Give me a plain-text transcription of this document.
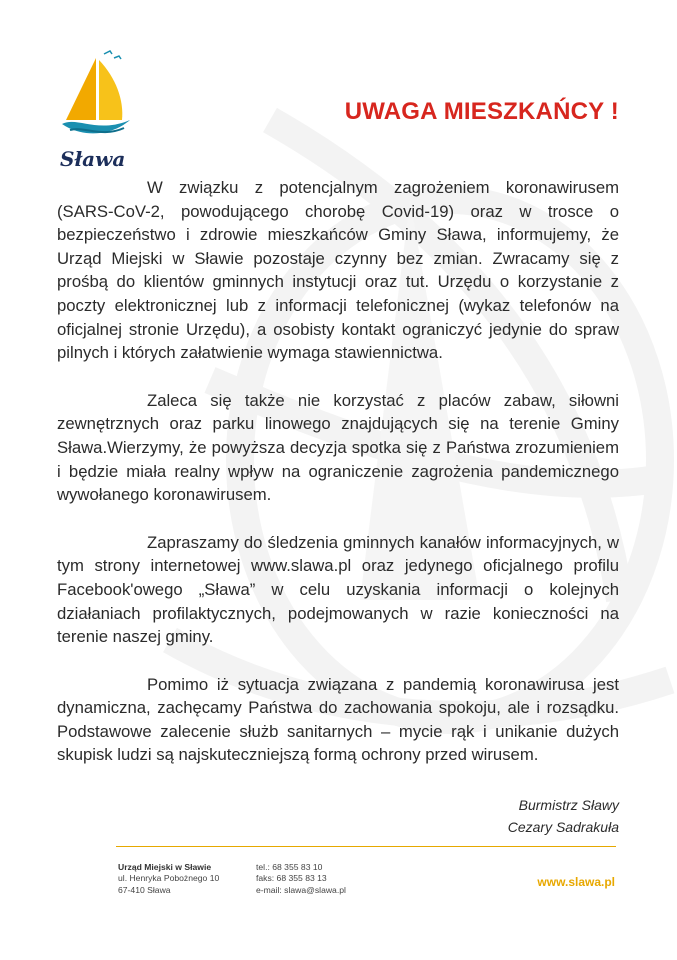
Sława
UWAGA MIESZKAŃCY !

W związku z potencjalnym zagrożeniem koronawirusem (SARS-CoV-2, powodującego chorobę Covid-19) oraz w trosce o bezpieczeństwo i zdrowie mieszkańców Gminy Sława, informujemy, że Urząd Miejski w Sławie pozostaje czynny bez zmian. Zwracamy się z prośbą do klientów gminnych instytucji oraz tut. Urzędu o korzystanie z poczty elektronicznej lub z informacji telefonicznej (wykaz telefonów na oficjalnej stronie Urzędu), a osobisty kontakt ograniczyć jedynie do spraw pilnych i których załatwienie wymaga stawiennictwa.

Zaleca się także nie korzystać z placów zabaw, siłowni zewnętrznych oraz parku linowego znajdujących się na terenie Gminy Sława.Wierzymy, że powyższa decyzja spotka się z Państwa zrozumieniem i będzie miała realny wpływ na ograniczenie zagrożenia pandemicznego wywołanego koronawirusem.

Zapraszamy do śledzenia gminnych kanałów informacyjnych, w tym strony internetowej www.slawa.pl oraz jedynego oficjalnego profilu Facebook'owego „Sława” w celu uzyskania informacji o kolejnych działaniach profilaktycznych, podejmowanych w razie konieczności na terenie naszej gminy.

Pomimo iż sytuacja związana z pandemią koronawirusa jest dynamiczna, zachęcamy Państwa do zachowania spokoju, ale i rozsądku. Podstawowe zalecenie służb sanitarnych – mycie rąk i unikanie dużych skupisk ludzi są najskuteczniejszą formą ochrony przed wirusem.

Burmistrz Sławy
Cezary Sadrakuła
Urząd Miejski w Sławie
ul. Henryka Pobożnego 10
67-410 Sława
tel.: 68 355 83 10
faks: 68 355 83 13
e-mail: slawa@slawa.pl
www.slawa.pl
